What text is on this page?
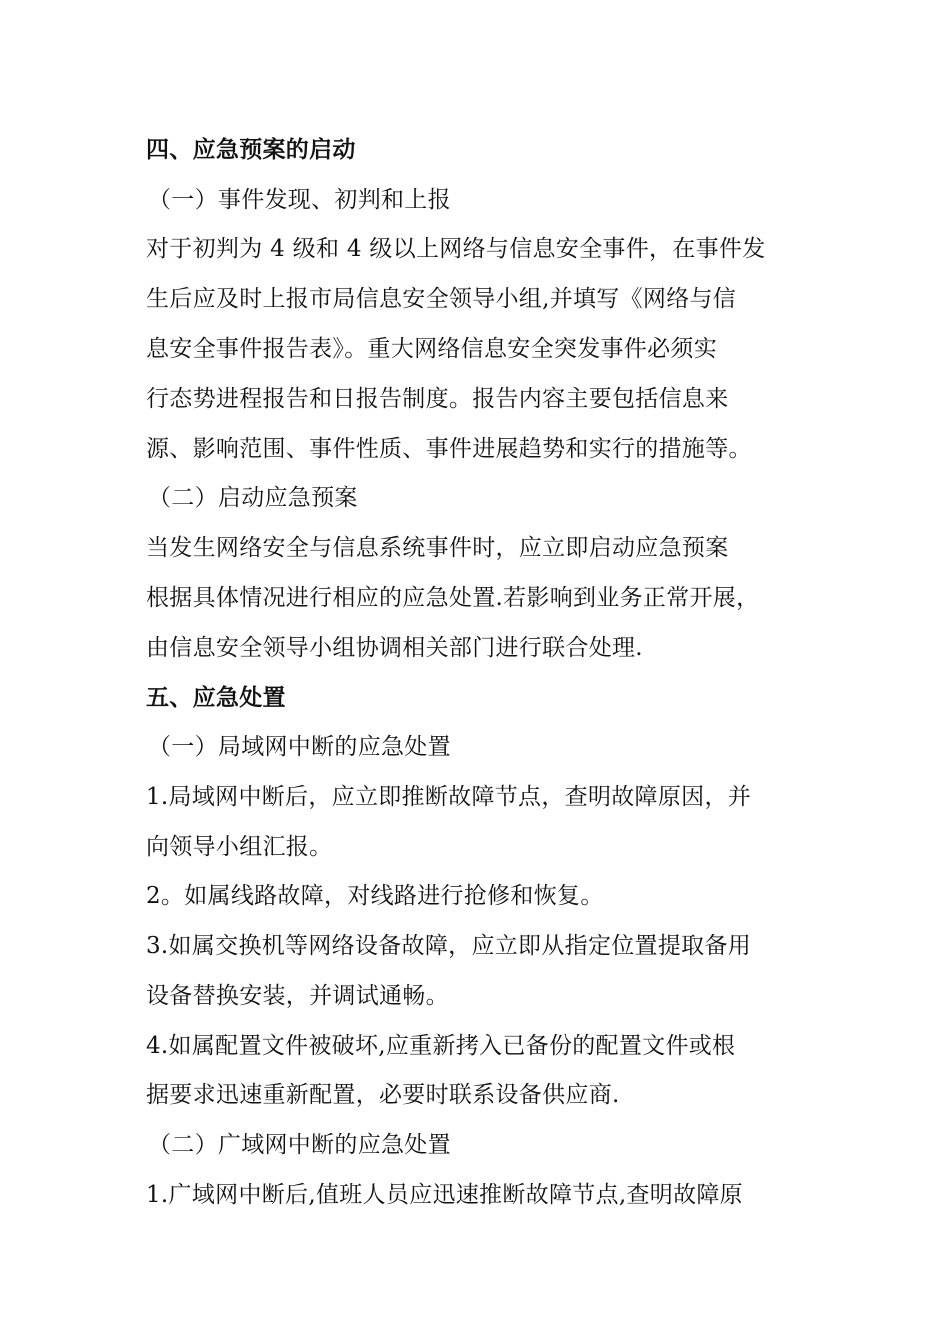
四、应急预案的启动
（一）事件发现、初判和上报
对于初判为 4 级和 4 级以上网络与信息安全事件，在事件发
生后应及时上报市局信息安全领导小组,并填写《网络与信
息安全事件报告表》。重大网络信息安全突发事件必须实
行态势进程报告和日报告制度。报告内容主要包括信息来
源、影响范围、事件性质、事件进展趋势和实行的措施等。
（二）启动应急预案
当发生网络安全与信息系统事件时，应立即启动应急预案
根据具体情况进行相应的应急处置.若影响到业务正常开展，
由信息安全领导小组协调相关部门进行联合处理.
五、应急处置
（一）局域网中断的应急处置
1.局域网中断后，应立即推断故障节点，查明故障原因，并
向领导小组汇报。
2。如属线路故障，对线路进行抢修和恢复。
3.如属交换机等网络设备故障，应立即从指定位置提取备用
设备替换安装，并调试通畅。
4.如属配置文件被破坏,应重新拷入已备份的配置文件或根
据要求迅速重新配置，必要时联系设备供应商.
（二）广域网中断的应急处置
1.广域网中断后,值班人员应迅速推断故障节点,查明故障原
